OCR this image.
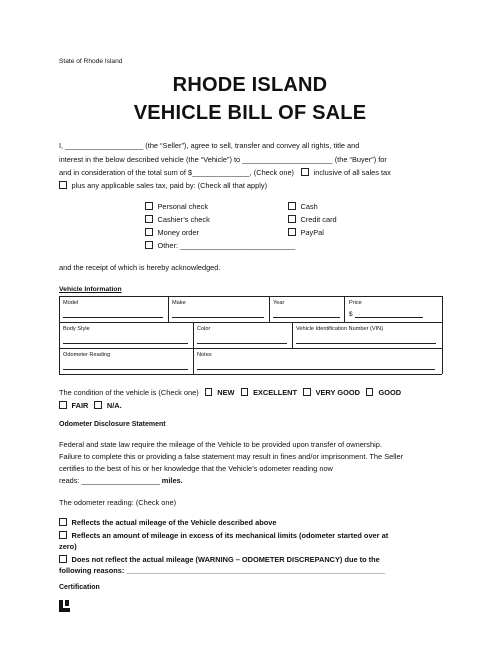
State of Rhode Island
RHODE ISLAND
VEHICLE BILL OF SALE
I, ___________________ (the “Seller”), agree to sell, transfer and convey all rights, title and
interest in the below described vehicle (the “Vehicle”) to ______________________ (the “Buyer”) for
and in consideration of the total sum of $______________, (Check one)	inclusive of all sales tax
plus any applicable sales tax, paid by: (Check all that apply)
Personal check
Cashier’s check
Money order
Other: ____________________________
Cash
Credit card
PayPal
and the receipt of which is hereby acknowledged.
Vehicle Information
Model	Make	Year	Price
$
Body Style	Color	Vehicle Identification Number (VIN)
Odometer Reading	Notes
The condition of the vehicle is (Check one)	NEW	EXCELLENT	VERY GOOD	GOOD
FAIR	N/A.
Odometer Disclosure Statement
Federal and state law require the mileage of the Vehicle to be provided upon transfer of ownership.
Failure to complete this or providing a false statement may result in fines and/or imprisonment. The Seller
certifies to the best of his or her knowledge that the Vehicle’s odometer reading now
reads: ___________________ miles.
The odometer reading: (Check one)
Reflects the actual mileage of the Vehicle described above
Reflects an amount of mileage in excess of its mechanical limits (odometer started over at
zero)
Does not reflect the actual mileage (WARNING – ODOMETER DISCREPANCY) due to the
following reasons: _______________________________________________________________
Certification
